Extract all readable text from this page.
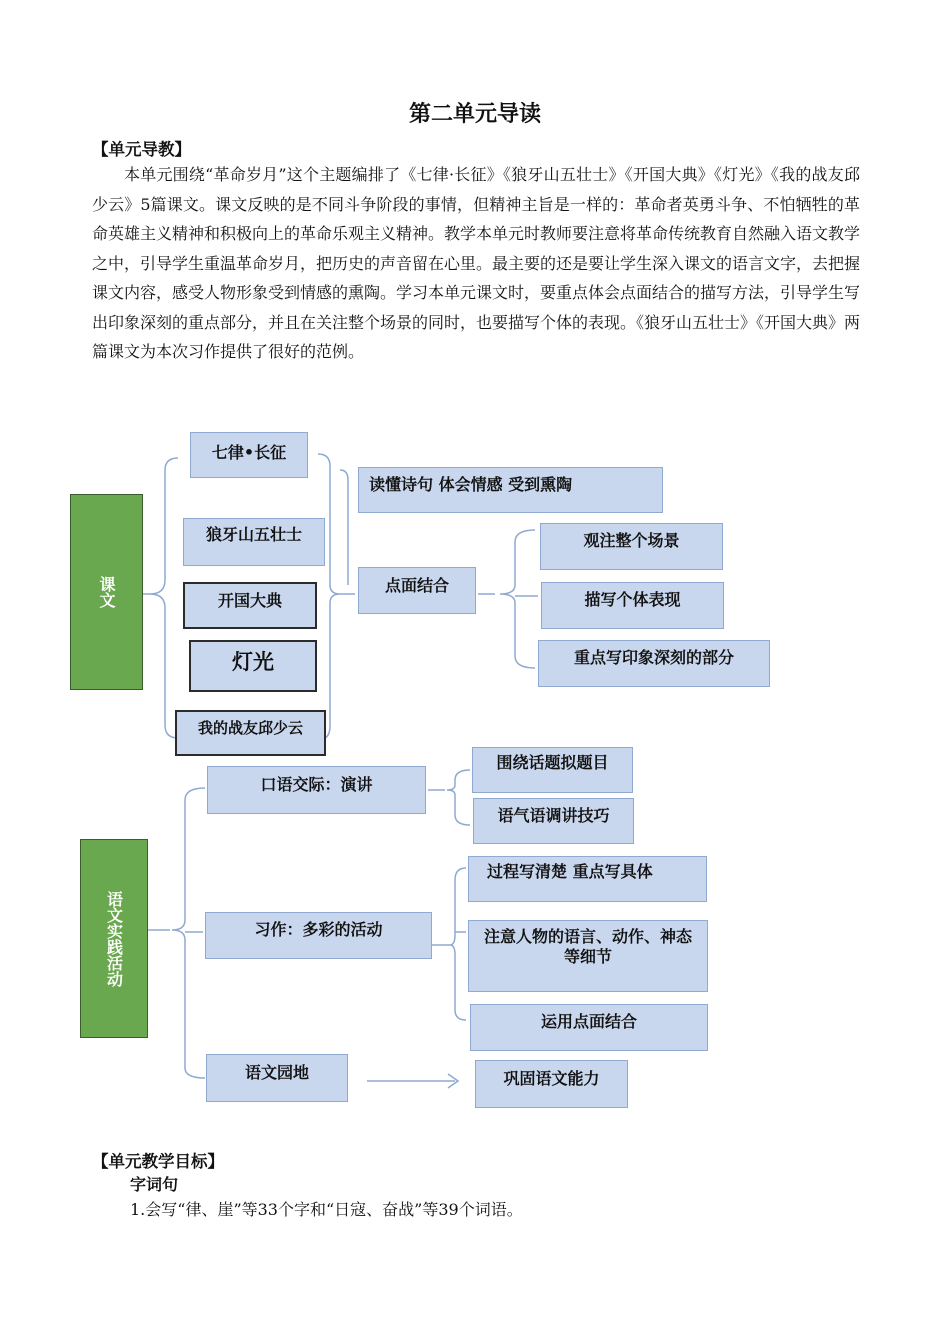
第二单元导读
【单元导教】

本单元围绕“革命岁月”这个主题编排了《七律·长征》《狼牙山五壮士》《开国大典》《灯光》《我的战友邱少云》5篇课文。课文反映的是不同斗争阶段的事情，但精神主旨是一样的：革命者英勇斗争、不怕牺牲的革命英雄主义精神和积极向上的革命乐观主义精神。教学本单元时教师要注意将革命传统教育自然融入语文教学之中，引导学生重温革命岁月，把历史的声音留在心里。最主要的还是要让学生深入课文的语言文字，去把握课文内容，感受人物形象受到情感的熏陶。学习本单元课文时，要重点体会点面结合的描写方法，引导学生写出印象深刻的重点部分，并且在关注整个场景的同时，也要描写个体的表现。《狼牙山五壮士》《开国大典》两篇课文为本次习作提供了很好的范例。

课文
七律•长征
狼牙山五壮士
开国大典
灯光
我的战友邱少云
读懂诗句 体会情感 受到熏陶
点面结合
观注整个场景
描写个体表现
重点写印象深刻的部分
语文实践活动
口语交际：演讲
围绕话题拟题目
语气语调讲技巧
习作：多彩的活动
过程写清楚 重点写具体
注意人物的语言、动作、神态等细节
运用点面结合
语文园地	巩固语文能力
【单元教学目标】
字词句
1.会写“律、崖”等33个字和“日寇、奋战”等39个词语。
